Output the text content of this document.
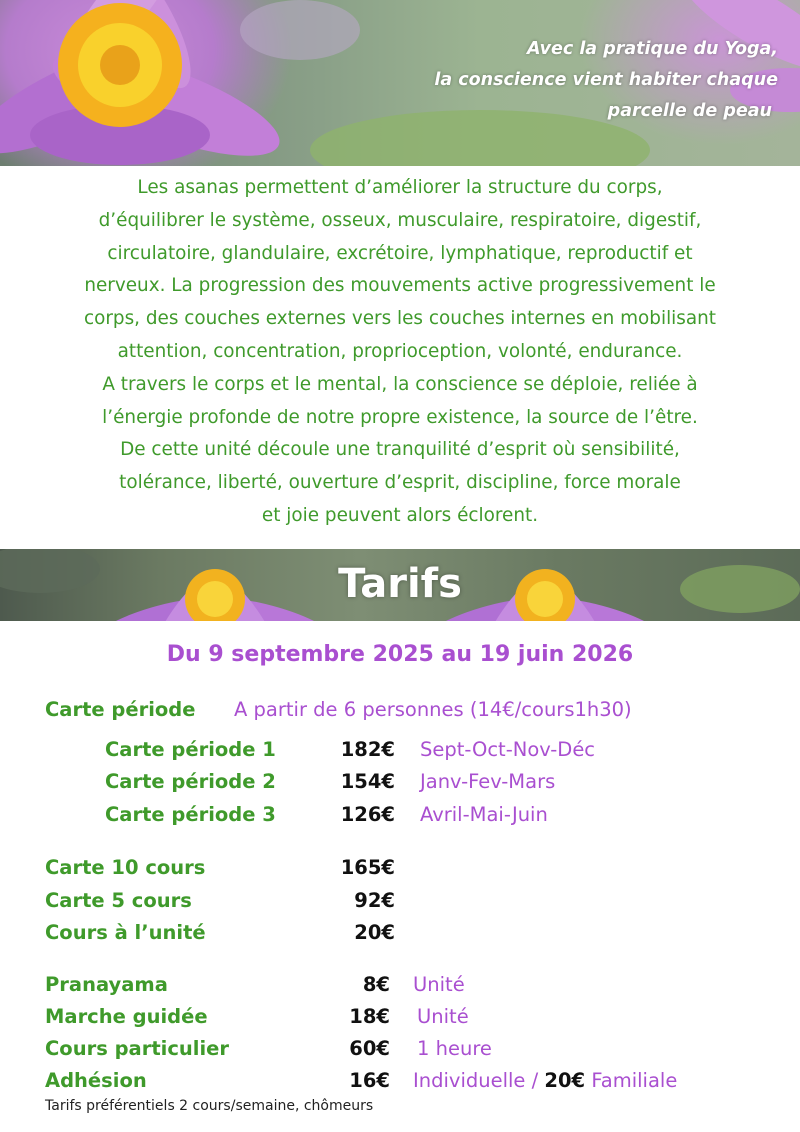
Avec la pratique du Yoga,
la conscience vient habiter chaque
parcelle de peau
Les asanas permettent d’améliorer la structure du corps,
d’équilibrer le système, osseux, musculaire, respiratoire, digestif,
circulatoire, glandulaire, excrétoire, lymphatique, reproductif et
nerveux. La progression des mouvements active progressivement le
corps, des couches externes vers les couches internes en mobilisant
attention, concentration, proprioception, volonté, endurance.
A travers le corps et le mental, la conscience se déploie, reliée à
l’énergie profonde de notre propre existence, la source de l’être.
De cette unité découle une tranquilité d’esprit où sensibilité,
tolérance, liberté, ouverture d’esprit, discipline, force morale
et joie peuvent alors éclorent.
Tarifs
Du 9 septembre 2025 au 19 juin 2026
Carte période A partir de 6 personnes (14€/cours1h30)
Carte période 1	182€ Sept-Oct-Nov-Déc
Carte période 2	154€ Janv-Fev-Mars
Carte période 3	126€ Avril-Mai-Juin
Carte 10 cours	165€
Carte 5 cours	92€
Cours à l’unité	20€
Pranayama	8€ Unité
Marche guidée	18€ Unité
Cours particulier	60€ 1 heure
Adhésion	16€ Individuelle / 20€ Familiale
Tarifs préférentiels 2 cours/semaine, chômeurs
